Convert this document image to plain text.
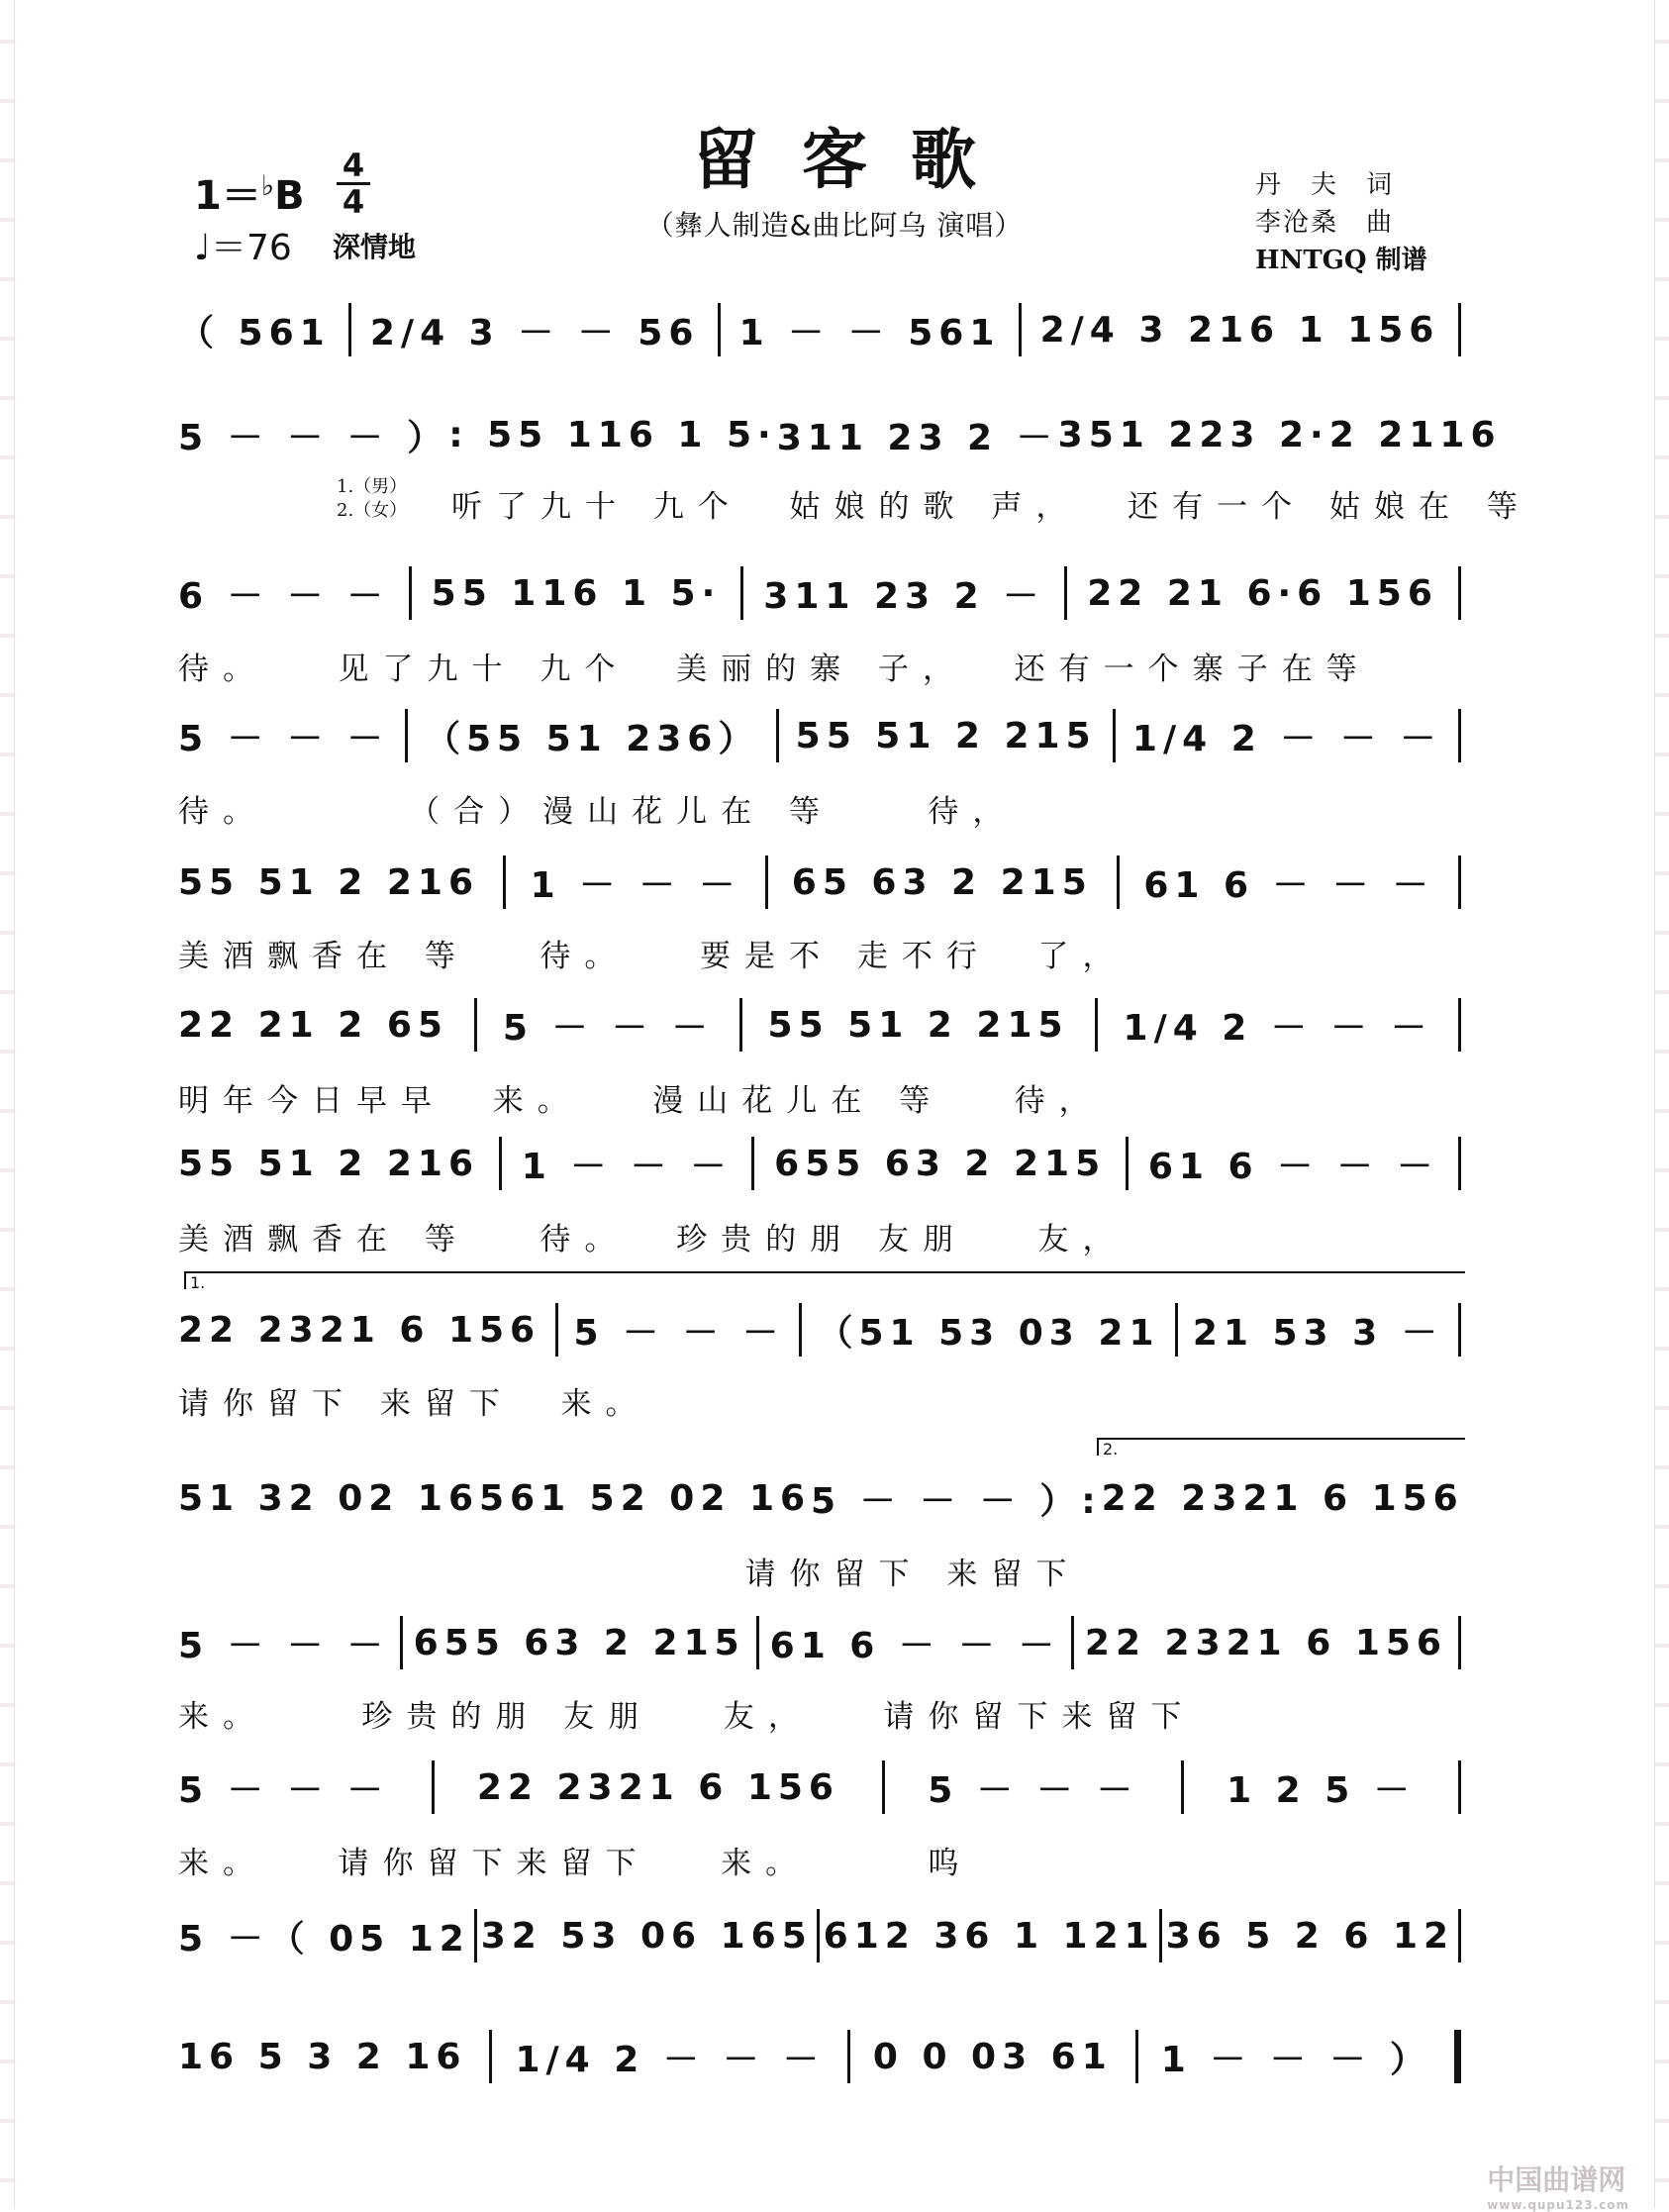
留客歌
（彝人制造&曲比阿乌 演唱）
1＝♭B
4
4
♩＝76 深情地
丹　夫　词
李沧桑　曲
HNTGQ 制谱
1.（男）
2.（女）
1.
2.
（ 561 2/4 3 － － 56 1 － － 561 2/4 3 216 1 156
5 － － － ） : 55 116 1 5· 311 23 2 － 351 223 2·2 2116
听了九十 九个  姑娘的歌 声，  还有一个 姑娘在 等
6 － － － 55 116 1 5· 311 23 2 － 22 21 6·6 156
待。   见了九十 九个  美丽的寨 子，  还有一个寨子在等
5 － － － （55 51 236） 55 51 2 215 1/4 2 － － －
待。      （合）漫山花儿在 等    待，
55 51 2 216 1 － － － 65 63 2 215 61 6 － － －
美酒飘香在 等   待。   要是不 走不行  了，
22 21 2 65 5 － － － 55 51 2 215 1/4 2 － － －
明年今日早早  来。   漫山花儿在 等   待，
55 51 2 216 1 － － － 655 63 2 215 61 6 － － －
美酒飘香在 等   待。  珍贵的朋 友朋   友，
22 2321 6 156 5 － － － （51 53 03 21 21 53 3 －
请你留下 来留下  来。
51 32 02 16 561 52 02 16 5 － － － ）: 22 2321 6 156
请你留下 来留下
5 － － － 655 63 2 215 61 6 － － － 22 2321 6 156
来。    珍贵的朋 友朋   友，   请你留下来留下
5 － － － 22 2321 6 156 5 － － － 1 2 5 －
来。   请你留下来留下   来。     呜
5 －（ 05 12 32 53 06 165 612 36 1 121 36 5 2 6 12
16 5 3 2 16 1/4 2 － － － 0 0 03 61 1 － － － ）
中国曲谱网
www.qupu123.com
